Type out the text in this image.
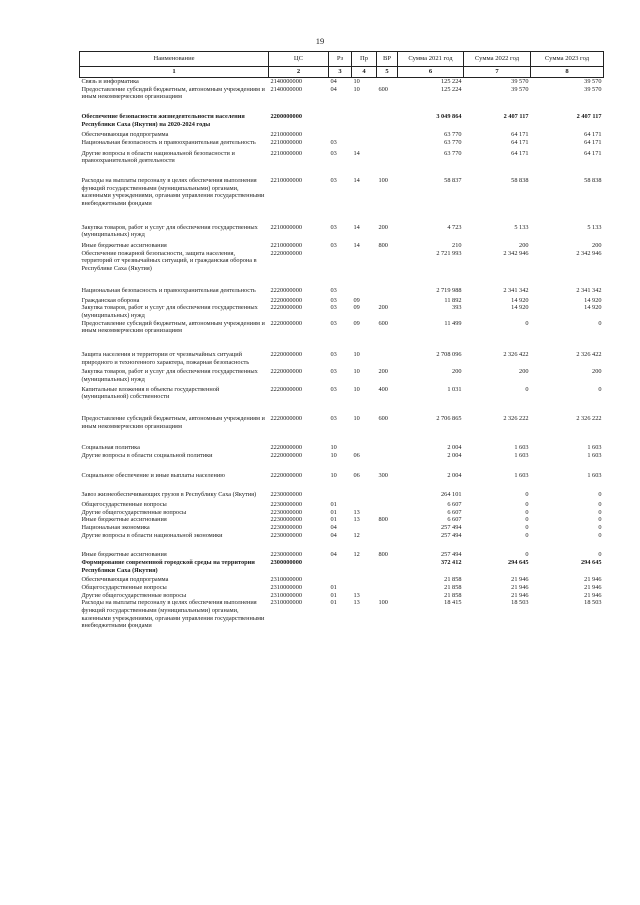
19
Наименование	ЦС	Рз	Пр	ВР	Сумма 2021 год	Сумма 2022 год	Сумма 2023 год
1	2	3	4	5	6	7	8
Связь и информатика	2140000000	04	10		125 224	39 570	39 570
Предоставление субсидий бюджетным, автономным учреждениям и иным некоммерческим организациям	2140000000	04	10	600	125 224	39 570	39 570
Обеспечение безопасности жизнедеятельности населения Республики Саха (Якутия) на 2020-2024 годы	2200000000				3 049 864	2 407 117	2 407 117
Обеспечивающая подпрограмма	2210000000				63 770	64 171	64 171
Национальная безопасность и правоохранительная деятельность	2210000000	03			63 770	64 171	64 171
Другие вопросы в области национальной безопасности и правоохранительной деятельности	2210000000	03	14		63 770	64 171	64 171
Расходы на выплаты персоналу в целях обеспечения выполнения функций государственными (муниципальными) органами, казенными учреждениями, органами управления государственными внебюджетными фондами	2210000000	03	14	100	58 837	58 838	58 838
Закупка товаров, работ и услуг для обеспечения государственных (муниципальных) нужд	2210000000	03	14	200	4 723	5 133	5 133
Иные бюджетные ассигнования	2210000000	03	14	800	210	200	200
Обеспечение пожарной безопасности, защита населения, территорий от чрезвычайных ситуаций, и гражданская оборона в Республике Саха (Якутия)	2220000000				2 721 993	2 342 946	2 342 946
Национальная безопасность и правоохранительная деятельность	2220000000	03			2 719 988	2 341 342	2 341 342
Гражданская оборона	2220000000	03	09		11 892	14 920	14 920
Закупка товаров, работ и услуг для обеспечения государственных (муниципальных) нужд	2220000000	03	09	200	393	14 920	14 920
Предоставление субсидий бюджетным, автономным учреждениям и иным некоммерческим организациям	2220000000	03	09	600	11 499	0	0
Защита населения и территории от чрезвычайных ситуаций природного и техногенного характера, пожарная безопасность	2220000000	03	10		2 708 096	2 326 422	2 326 422
Закупка товаров, работ и услуг для обеспечения государственных (муниципальных) нужд	2220000000	03	10	200	200	200	200
Капитальные вложения в объекты государственной (муниципальной) собственности	2220000000	03	10	400	1 031	0	0
Предоставление субсидий бюджетным, автономным учреждениям и иным некоммерческим организациям	2220000000	03	10	600	2 706 865	2 326 222	2 326 222
Социальная политика	2220000000	10			2 004	1 603	1 603
Другие вопросы в области социальной политики	2220000000	10	06		2 004	1 603	1 603
Социальное обеспечение и иные выплаты населению	2220000000	10	06	300	2 004	1 603	1 603
Завоз жизнеобеспечивающих грузов в Республику Саха (Якутия)	2230000000				264 101	0	0
Общегосударственные вопросы	2230000000	01			6 607	0	0
Другие общегосударственные вопросы	2230000000	01	13		6 607	0	0
Иные бюджетные ассигнования	2230000000	01	13	800	6 607	0	0
Национальная экономика	2230000000	04			257 494	0	0
Другие вопросы в области национальной экономики	2230000000	04	12		257 494	0	0
Иные бюджетные ассигнования	2230000000	04	12	800	257 494	0	0
Формирование современной городской среды на территории Республики Саха (Якутия)	2300000000				372 412	294 645	294 645
Обеспечивающая подпрограмма	2310000000				21 858	21 946	21 946
Общегосударственные вопросы	2310000000	01			21 858	21 946	21 946
Другие общегосударственные вопросы	2310000000	01	13		21 858	21 946	21 946
Расходы на выплаты персоналу в целях обеспечения выполнения функций государственными (муниципальными) органами, казенными учреждениями, органами управления государственными внебюджетными фондами	2310000000	01	13	100	18 415	18 503	18 503
